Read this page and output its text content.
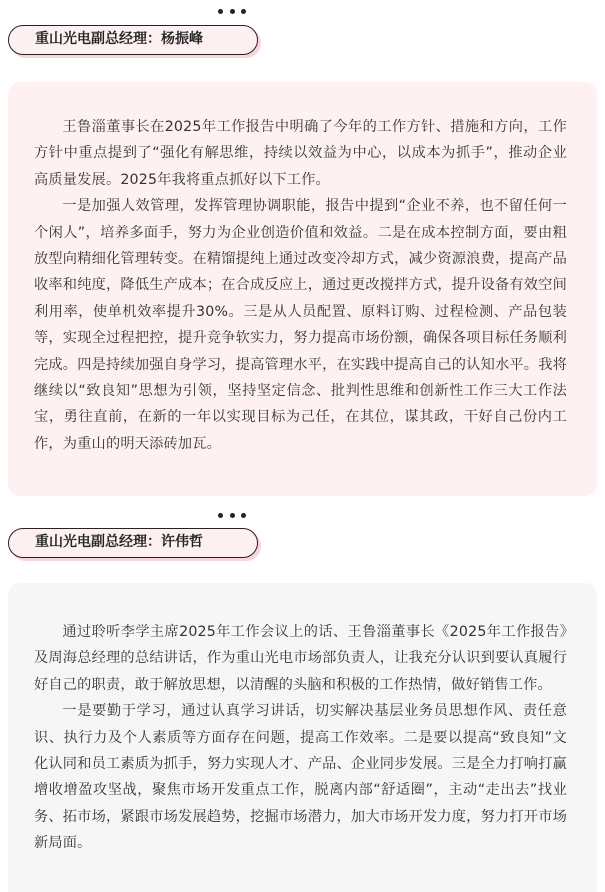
重山光电副总经理：杨振峰

王鲁淄董事长在2025年工作报告中明确了今年的工作方针、措施和方向，工作方针中重点提到了“强化有解思维，持续以效益为中心，以成本为抓手”，推动企业高质量发展。2025年我将重点抓好以下工作。

一是加强人效管理，发挥管理协调职能，报告中提到“企业不养，也不留任何一个闲人”，培养多面手，努力为企业创造价值和效益。二是在成本控制方面，要由粗放型向精细化管理转变。在精馏提纯上通过改变冷却方式，减少资源浪费，提高产品收率和纯度，降低生产成本；在合成反应上，通过更改搅拌方式，提升设备有效空间利用率，使单机效率提升30%。三是从人员配置、原料订购、过程检测、产品包装等，实现全过程把控，提升竞争软实力，努力提高市场份额，确保各项目标任务顺利完成。四是持续加强自身学习，提高管理水平，在实践中提高自己的认知水平。我将继续以“致良知”思想为引领，坚持坚定信念、批判性思维和创新性工作三大工作法宝，勇往直前，在新的一年以实现目标为己任，在其位，谋其政，干好自己份内工作，为重山的明天添砖加瓦。

重山光电副总经理：许伟哲

通过聆听李学主席2025年工作会议上的话、王鲁淄董事长《2025年工作报告》及周海总经理的总结讲话，作为重山光电市场部负责人，让我充分认识到要认真履行好自己的职责，敢于解放思想，以清醒的头脑和积极的工作热情，做好销售工作。

一是要勤于学习，通过认真学习讲话，切实解决基层业务员思想作风、责任意识、执行力及个人素质等方面存在问题，提高工作效率。二是要以提高“致良知”文化认同和员工素质为抓手，努力实现人才、产品、企业同步发展。三是全力打响打赢增收增盈攻坚战，聚焦市场开发重点工作，脱离内部“舒适圈”，主动“走出去”找业务、拓市场，紧跟市场发展趋势，挖掘市场潜力，加大市场开发力度，努力打开市场新局面。
